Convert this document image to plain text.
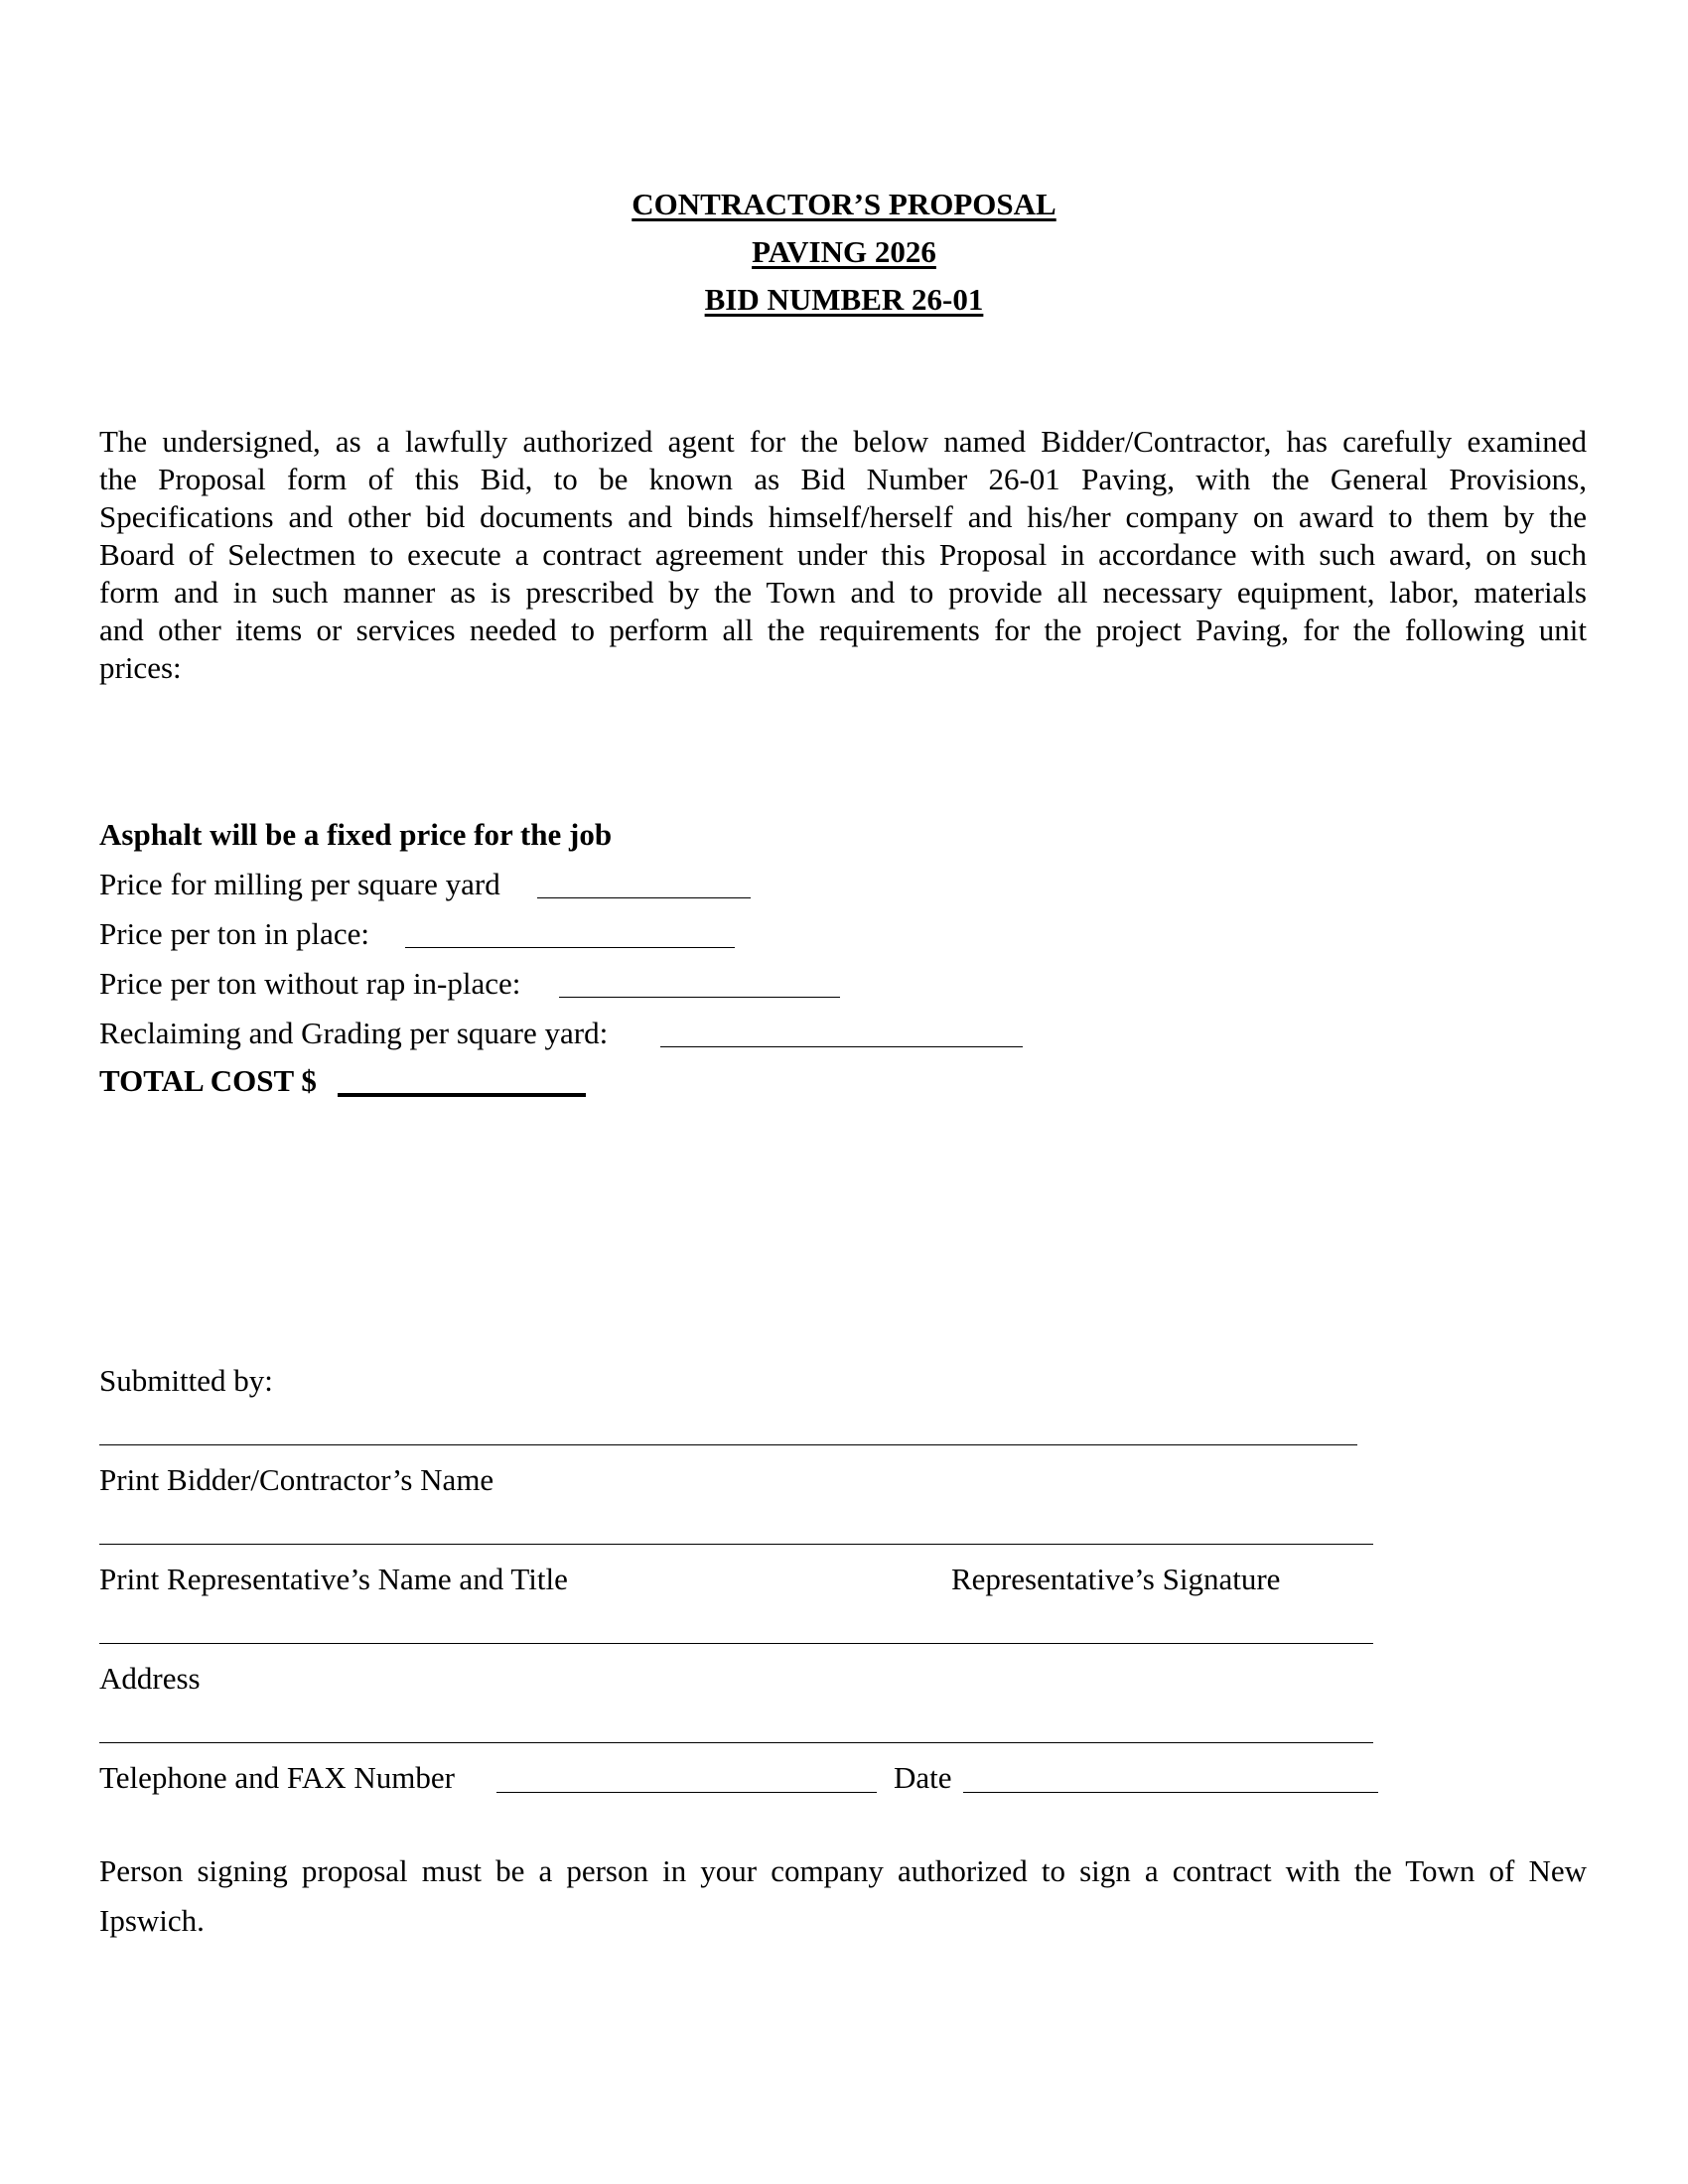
CONTRACTOR’S PROPOSAL
PAVING 2026
BID NUMBER 26-01
The undersigned, as a lawfully authorized agent for the below named Bidder/Contractor, has carefully examined
the Proposal form of this Bid, to be known as Bid Number 26-01 Paving, with the General Provisions,
Specifications and other bid documents and binds himself/herself and his/her company on award to them by the
Board of Selectmen to execute a contract agreement under this Proposal in accordance with such award, on such
form and in such manner as is prescribed by the Town and to provide all necessary equipment, labor, materials
and other items or services needed to perform all the requirements for the project Paving, for the following unit
prices:
Asphalt will be a fixed price for the job
Price for milling per square yard
Price per ton in place:
Price per ton without rap in-place:
Reclaiming and Grading per square yard:
TOTAL COST $
Submitted by:
Print Bidder/Contractor’s Name
Print Representative’s Name and Title	Representative’s Signature
Address
Telephone and FAX Number	Date
Person signing proposal must be a person in your company authorized to sign a contract with the Town of New
Ipswich.
